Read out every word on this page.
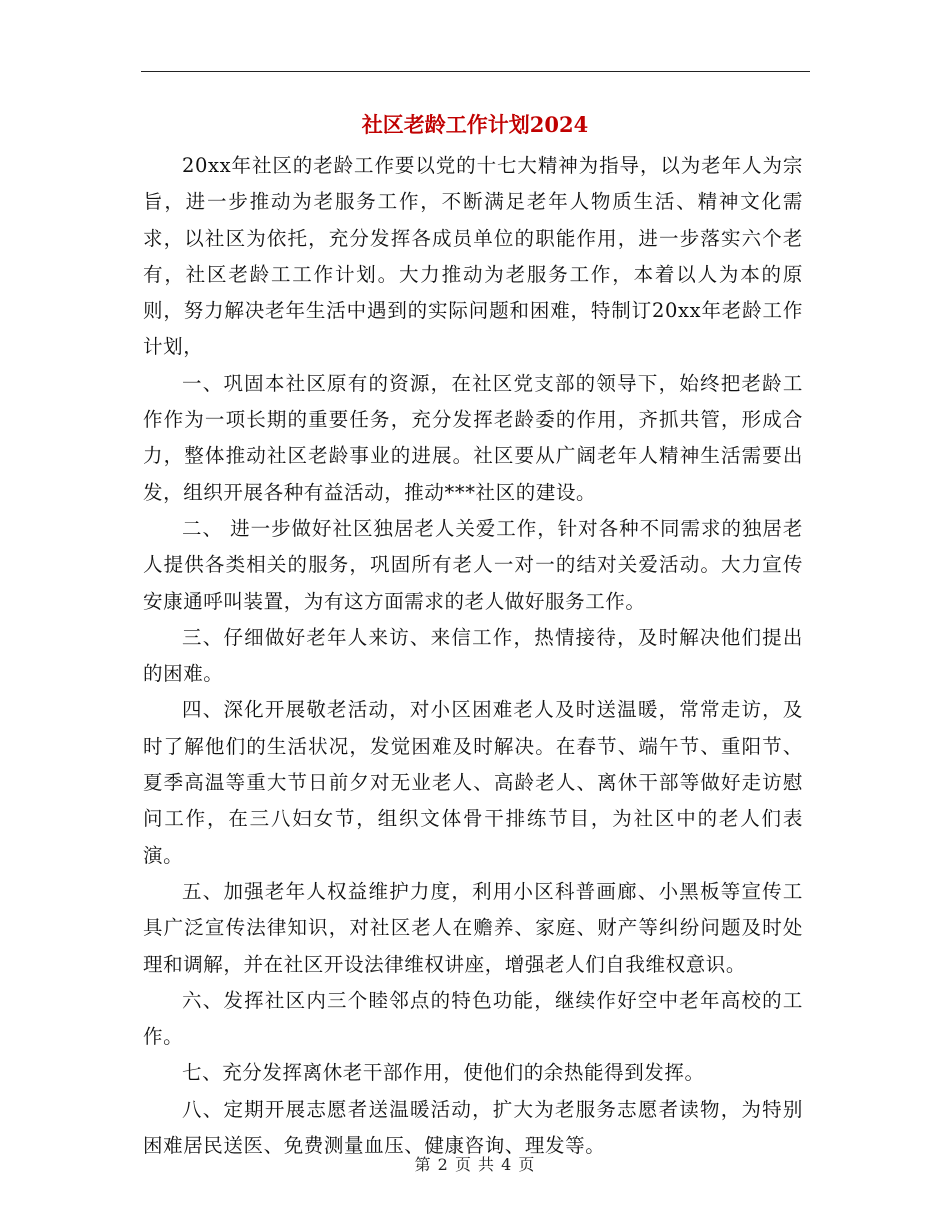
社区老龄工作计划2024

20xx年社区的老龄工作要以党的十七大精神为指导，以为老年人为宗旨，进一步推动为老服务工作，不断满足老年人物质生活、精神文化需求，以社区为依托，充分发挥各成员单位的职能作用，进一步落实六个老有，社区老龄工工作计划。大力推动为老服务工作，本着以人为本的原则，努力解决老年生活中遇到的实际问题和困难，特制订20xx年老龄工作计划，

一、巩固本社区原有的资源，在社区党支部的领导下，始终把老龄工作作为一项长期的重要任务，充分发挥老龄委的作用，齐抓共管，形成合力，整体推动社区老龄事业的进展。社区要从广阔老年人精神生活需要出发，组织开展各种有益活动，推动***社区的建设。

二、 进一步做好社区独居老人关爱工作，针对各种不同需求的独居老人提供各类相关的服务，巩固所有老人一对一的结对关爱活动。大力宣传安康通呼叫装置，为有这方面需求的老人做好服务工作。

三、仔细做好老年人来访、来信工作，热情接待，及时解决他们提出的困难。

四、深化开展敬老活动，对小区困难老人及时送温暖，常常走访，及时了解他们的生活状况，发觉困难及时解决。在春节、端午节、重阳节、夏季高温等重大节日前夕对无业老人、高龄老人、离休干部等做好走访慰问工作，在三八妇女节，组织文体骨干排练节目，为社区中的老人们表演。

五、加强老年人权益维护力度，利用小区科普画廊、小黑板等宣传工具广泛宣传法律知识，对社区老人在赡养、家庭、财产等纠纷问题及时处理和调解，并在社区开设法律维权讲座，增强老人们自我维权意识。

六、发挥社区内三个睦邻点的特色功能，继续作好空中老年高校的工作。

七、充分发挥离休老干部作用，使他们的余热能得到发挥。

八、定期开展志愿者送温暖活动，扩大为老服务志愿者读物，为特别困难居民送医、免费测量血压、健康咨询、理发等。

第 2 页 共 4 页
